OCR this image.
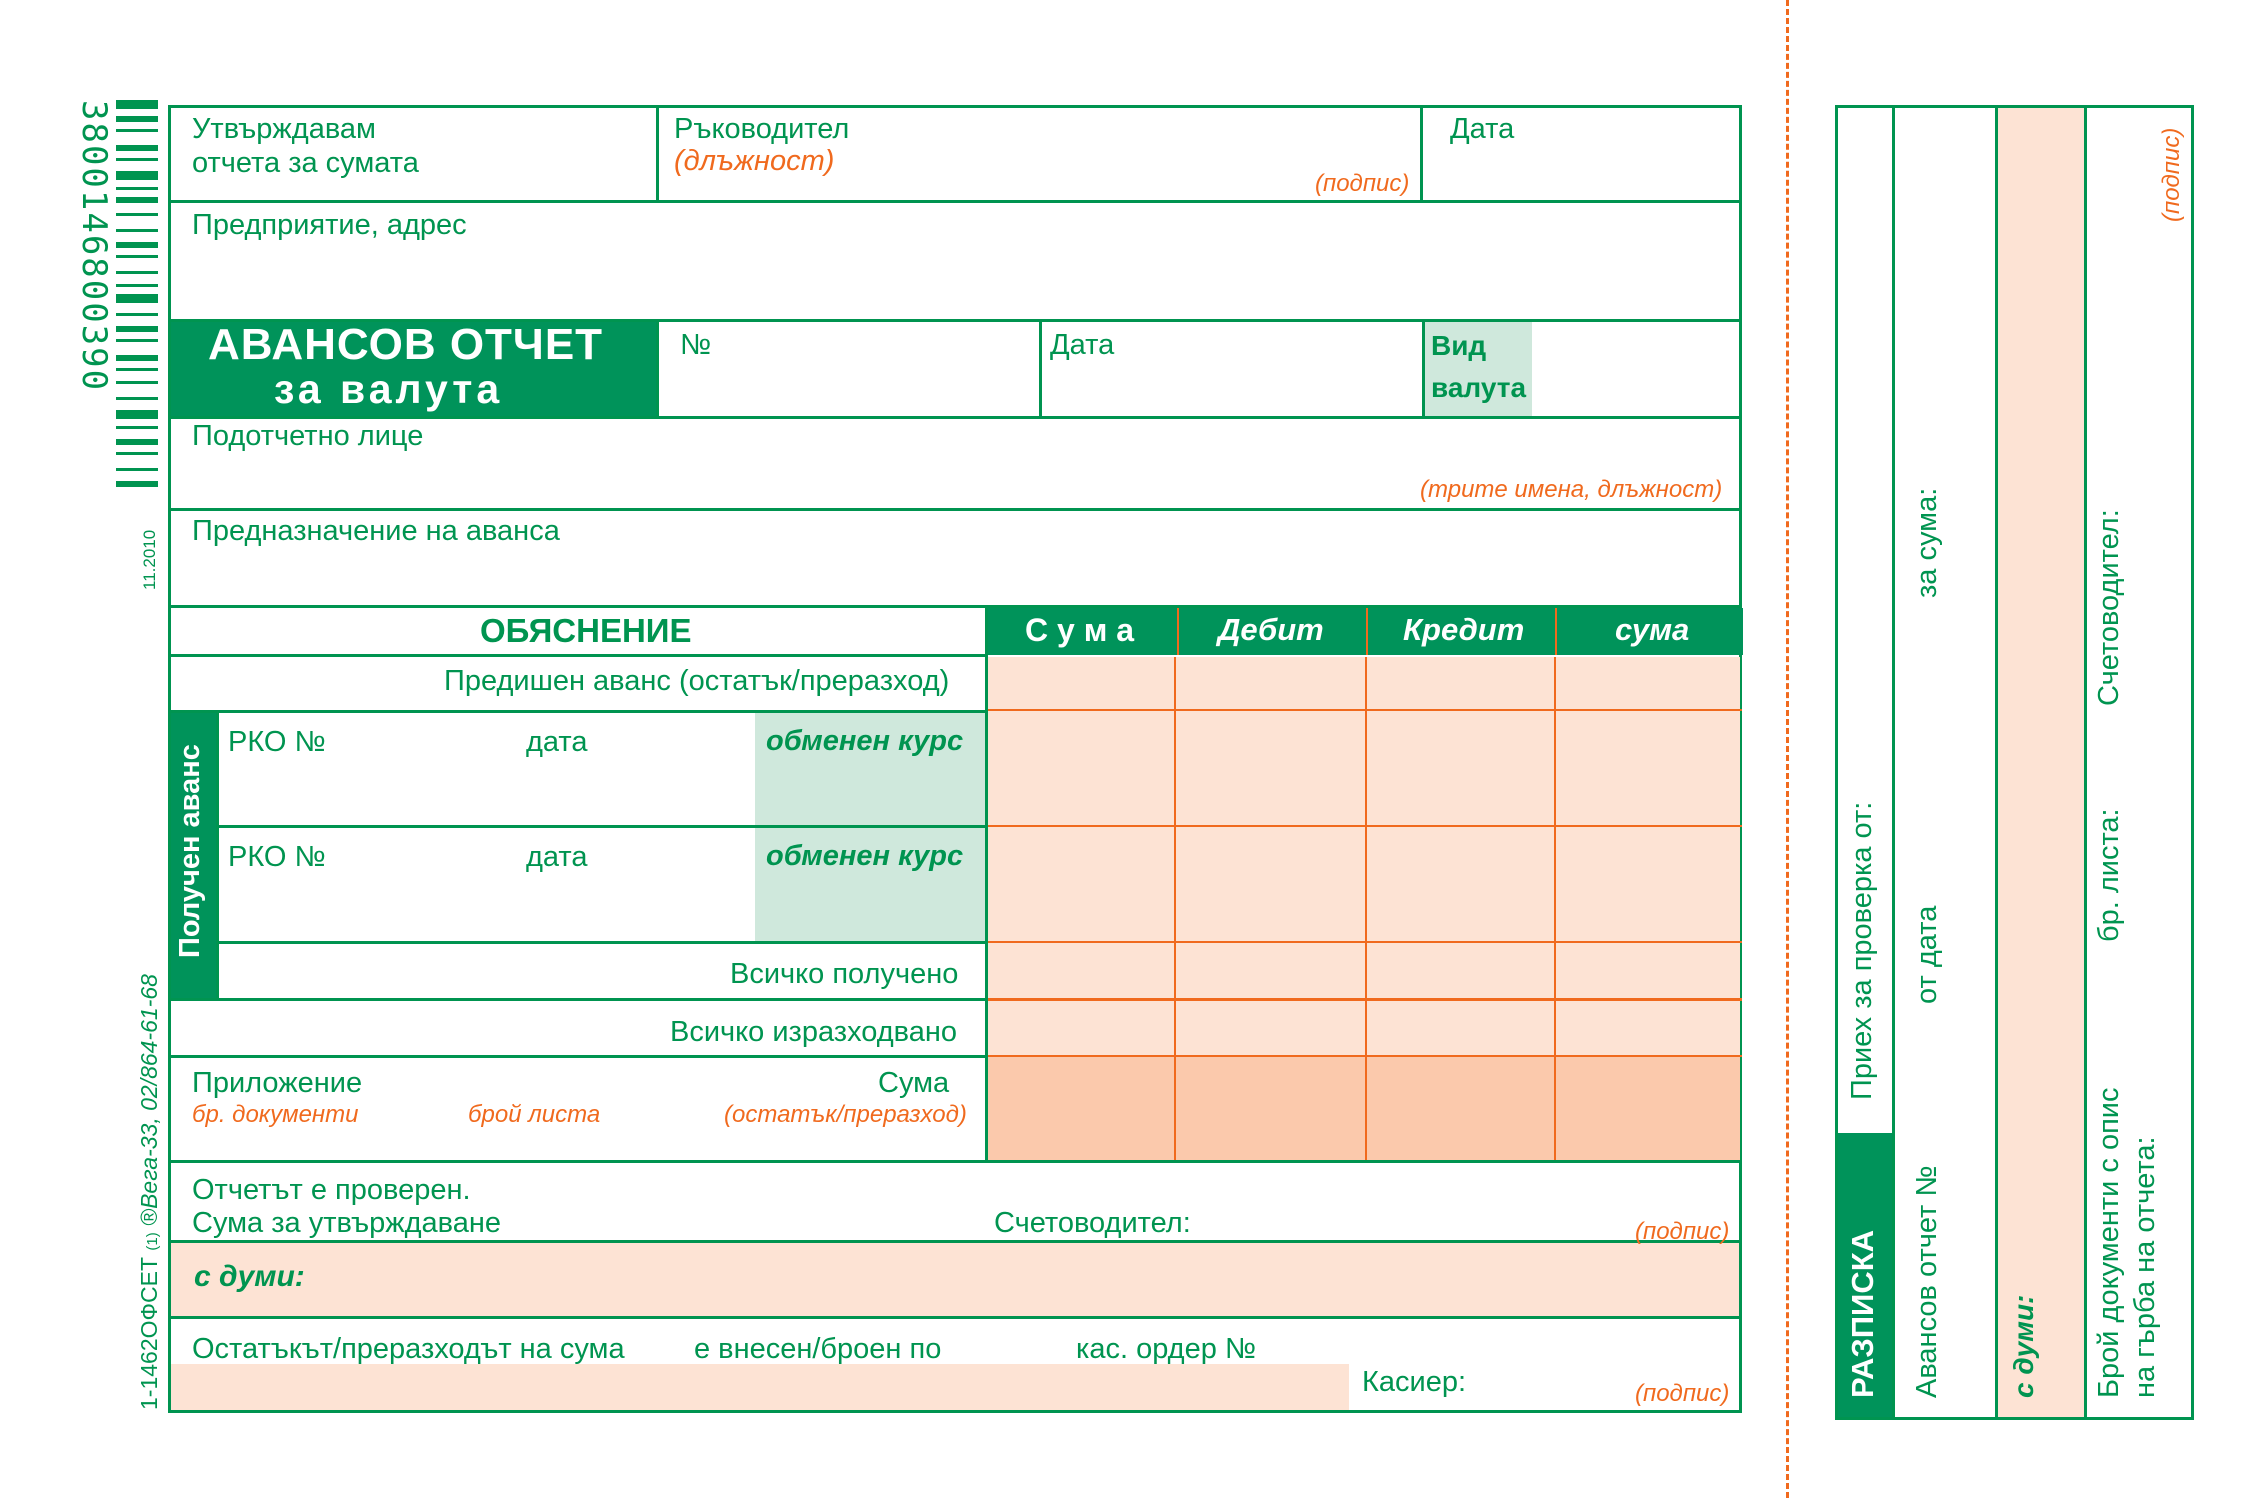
3800146800390
11.2010
1-1462ОФСЕТ (1) ®Вега-33, 02/864-61-68
Утвърждавам
отчета за сумата
Ръководител
(длъжност)
(подпис)
Дата
Предприятие, адрес
АВАНСОВ ОТЧЕТ
за валута
№	Дата	Вид
валута
Подотчетно лице
(трите имена, длъжност)
Предназначение на аванса
ОБЯСНЕНИЕ	С у м а	Дебит	Кредит	сума
Предишен аванс (остатък/преразход)
Получен аванс
РКО №	дата	обменен курс
РКО №	дата	обменен курс
Всичко получено
Всичко изразходвано
Приложение	Сума
бр. документи	брой листа	(остатък/преразход)
Отчетът е проверен.
Сума за утвърждаване	Счетоводител:	(подпис)
с думи:
Остатъкът/преразходът на сума е внесен/броен по	кас. ордер №
Касиер:	(подпис)	РАЗПИСКА
Приех за проверка от:
Авансов отчет №
от дата
за сума:
с думи: Брой документи с опис на гърба на отчета:
бр. листа:
Счетоводител:
(подпис)
